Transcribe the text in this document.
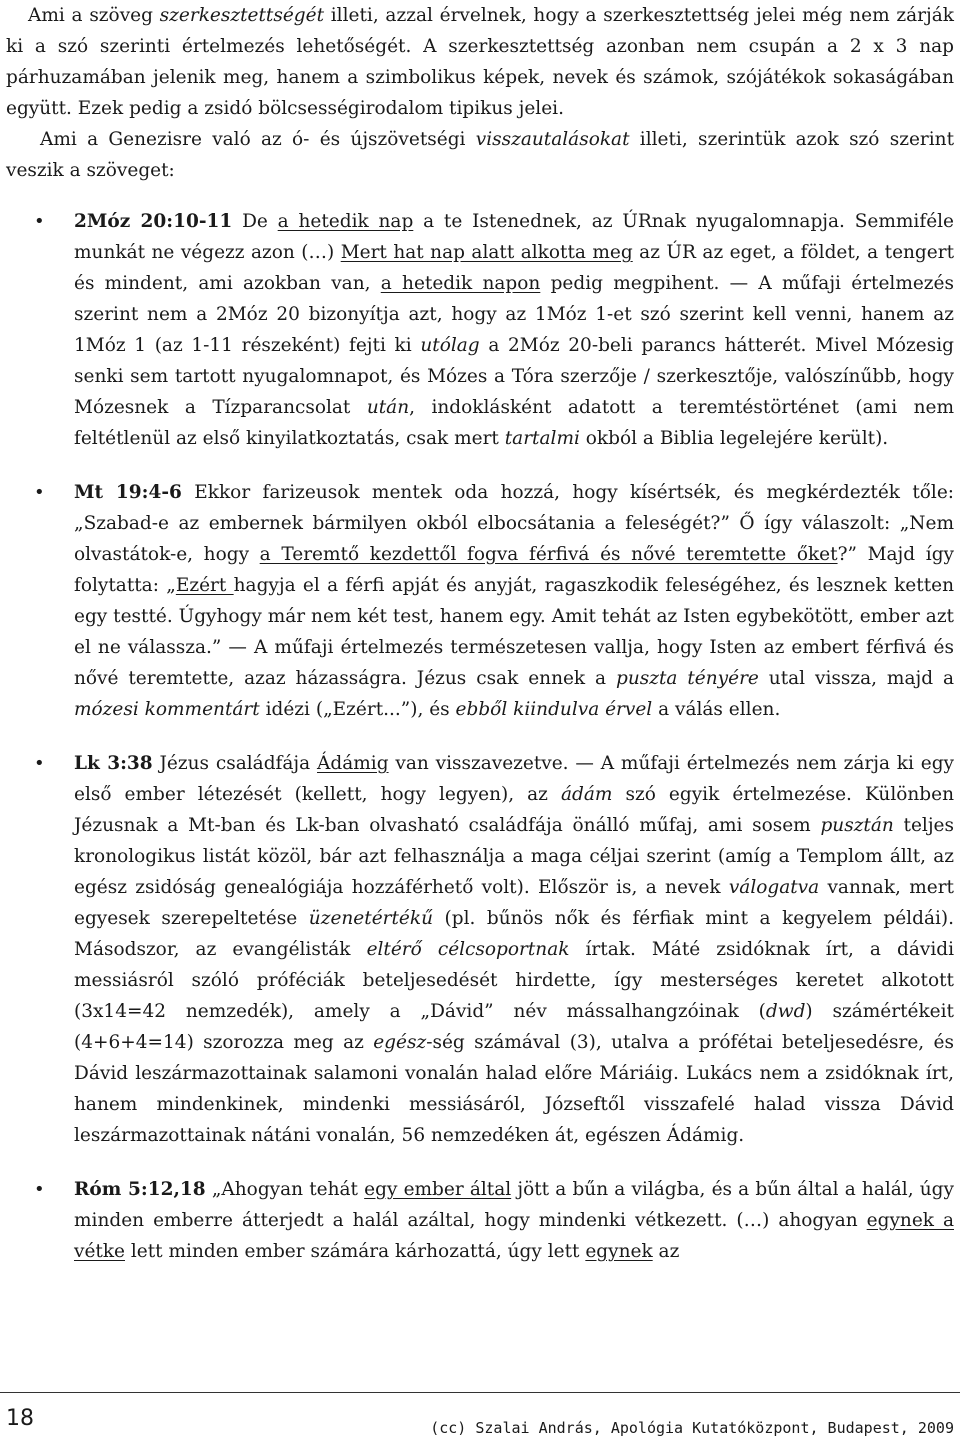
Ami a szöveg szerkesztettségét illeti, azzal érvelnek, hogy a szerkesztettség jelei még nem zárják ki a szó szerinti értelmezés lehetőségét. A szerkesztettség azonban nem csupán a 2 x 3 nap párhuzamában jelenik meg, hanem a szimbolikus képek, nevek és számok, szójátékok sokaságában együtt. Ezek pedig a zsidó bölcsességirodalom tipikus jelei.

Ami a Genezisre való az ó- és újszövetségi visszautalásokat illeti, szerintük azok szó szerint veszik a szöveget:

• 2Móz 20:10-11 De a hetedik nap a te Istenednek, az ÚRnak nyugalomnapja. Semmiféle munkát ne végezz azon (…) Mert hat nap alatt alkotta meg az ÚR az eget, a földet, a tengert és mindent, ami azokban van, a hetedik napon pedig megpihent. — A műfaji értelmezés szerint nem a 2Móz 20 bizonyítja azt, hogy az 1Móz 1-et szó szerint kell venni, hanem az 1Móz 1 (az 1-11 részeként) fejti ki utólag a 2Móz 20-beli parancs hátterét. Mivel Mózesig senki sem tartott nyugalomnapot, és Mózes a Tóra szerzője / szerkesztője, valószínűbb, hogy Mózesnek a Tízparancsolat után, indoklásként adatott a teremtéstörténet (ami nem feltétlenül az első kinyilatkoztatás, csak mert tartalmi okból a Biblia legelejére került).
• Mt 19:4-6 Ekkor farizeusok mentek oda hozzá, hogy kísértsék, és megkérdezték tőle: „Szabad-e az embernek bármilyen okból elbocsátania a feleségét?” Ő így válaszolt: „Nem olvastátok-e, hogy a Teremtő kezdettől fogva férfivá és nővé teremtette őket?” Majd így folytatta: „Ezért hagyja el a férfi apját és anyját, ragaszkodik feleségéhez, és lesznek ketten egy testté. Úgyhogy már nem két test, hanem egy. Amit tehát az Isten egybekötött, ember azt el ne válassza.” — A műfaji értelmezés természetesen vallja, hogy Isten az embert férfivá és nővé teremtette, azaz házasságra. Jézus csak ennek a puszta tényére utal vissza, majd a mózesi kommentárt idézi („Ezért...”), és ebből kiindulva érvel a válás ellen.
• Lk 3:38 Jézus családfája Ádámig van visszavezetve. — A műfaji értelmezés nem zárja ki egy első ember létezését (kellett, hogy legyen), az ádám szó egyik értelmezése. Különben Jézusnak a Mt-ban és Lk-ban olvasható családfája önálló műfaj, ami sosem pusztán teljes kronologikus listát közöl, bár azt felhasználja a maga céljai szerint (amíg a Templom állt, az egész zsidóság genealógiája hozzáférhető volt). Először is, a nevek válogatva vannak, mert egyesek szerepeltetése üzenetértékű (pl. bűnös nők és férfiak mint a kegyelem példái). Másodszor, az evangélisták eltérő célcsoportnak írtak. Máté zsidóknak írt, a dávidi messiásról szóló próféciák beteljesedését hirdette, így mesterséges keretet alkotott (3x14=42 nemzedék), amely a „Dávid” név mássalhangzóinak (dwd) számértékeit (4+6+4=14) szorozza meg az egész-ség számával (3), utalva a prófétai beteljesedésre, és Dávid leszármazottainak salamoni vonalán halad előre Máriáig. Lukács nem a zsidóknak írt, hanem mindenkinek, mindenki messiásáról, Józseftől visszafelé halad vissza Dávid leszármazottainak nátáni vonalán, 56 nemzedéken át, egészen Ádámig.
• Róm 5:12,18 „Ahogyan tehát egy ember által jött a bűn a világba, és a bűn által a halál, úgy minden emberre átterjedt a halál azáltal, hogy mindenki vétkezett. (…) ahogyan egynek a vétke lett minden ember számára kárhozattá, úgy lett egynek az
18	(cc) Szalai András, Apológia Kutatóközpont, Budapest, 2009
